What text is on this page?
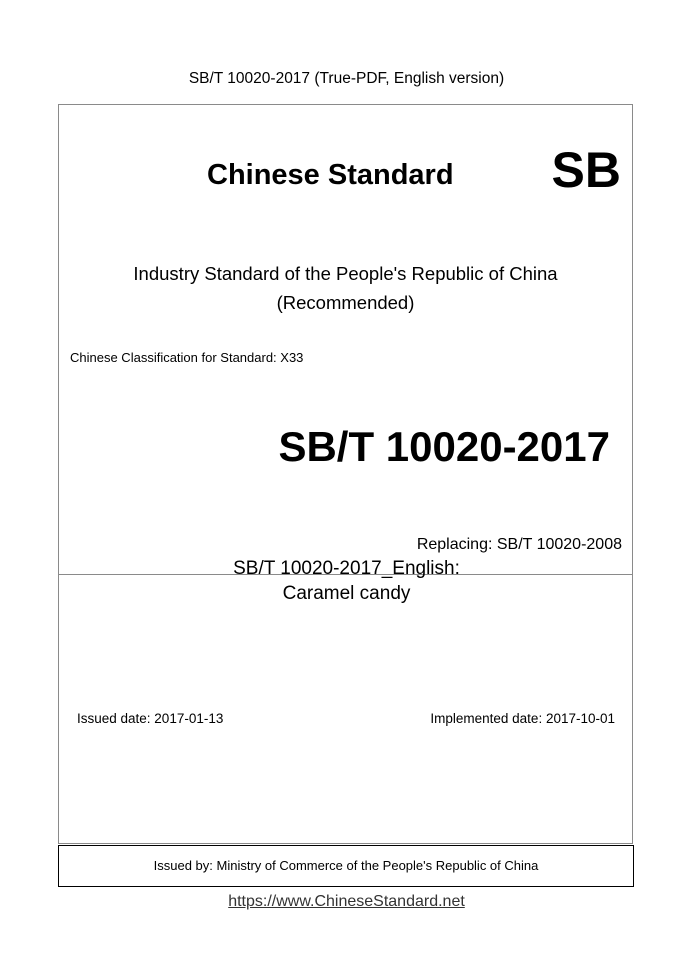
SB/T 10020-2017 (True-PDF, English version)
Chinese Standard SB
Industry Standard of the People's Republic of China
(Recommended)
Chinese Classification for Standard: X33
SB/T 10020-2017
Replacing: SB/T 10020-2008
SB/T 10020-2017_English:
Caramel candy
Issued date: 2017-01-13	Implemented date: 2017-10-01
Issued by: Ministry of Commerce of the People's Republic of China
https://www.ChineseStandard.net
